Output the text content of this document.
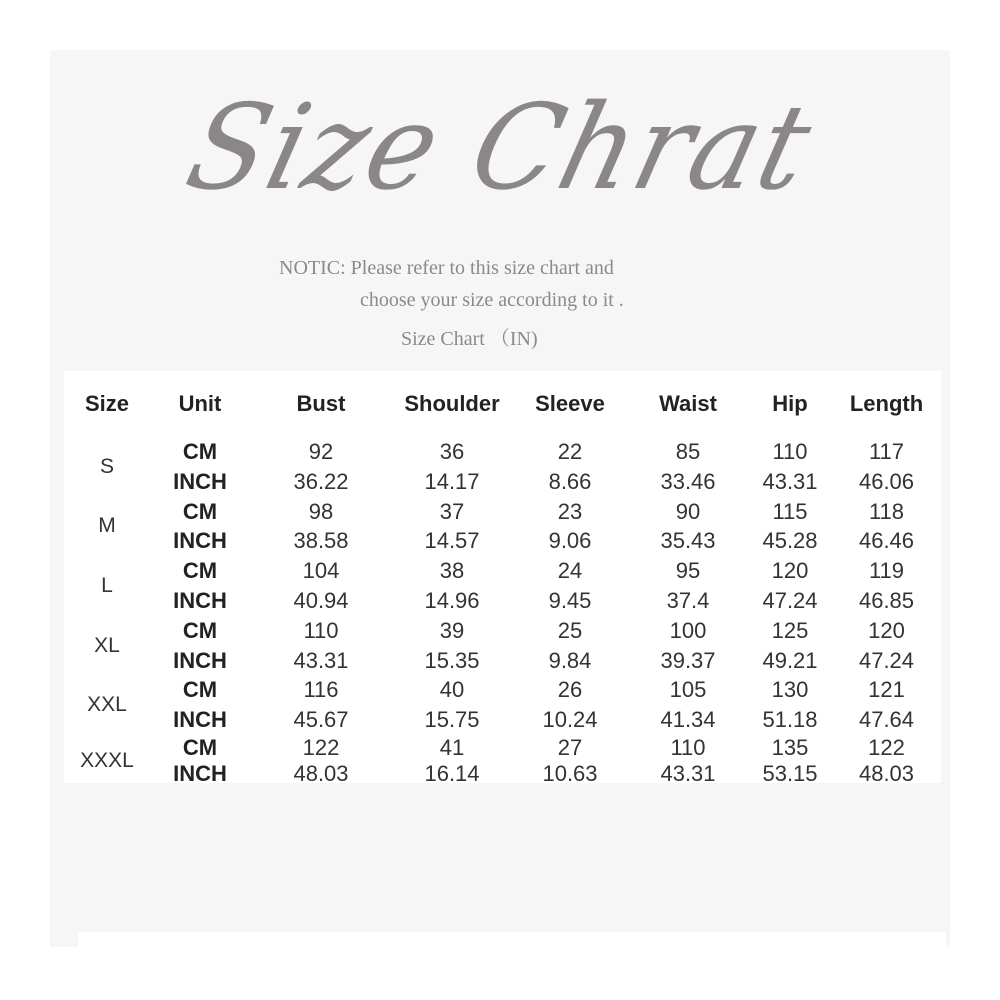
Size Chrat
NOTIC: Please refer to this size chart and
choose your size according to it .
Size Chart （IN)
Size	Unit	Bust	Shoulder	Sleeve	Waist	Hip	Length
S	CM	92	36	22	85	110	117
	INCH	36.22	14.17	8.66	33.46	43.31	46.06
M	CM	98	37	23	90	115	118
	INCH	38.58	14.57	9.06	35.43	45.28	46.46
L	CM	104	38	24	95	120	119
	INCH	40.94	14.96	9.45	37.4	47.24	46.85
XL	CM	110	39	25	100	125	120
	INCH	43.31	15.35	9.84	39.37	49.21	47.24
XXL	CM	116	40	26	105	130	121
	INCH	45.67	15.75	10.24	41.34	51.18	47.64
XXXL	CM	122	41	27	110	135	122
	INCH	48.03	16.14	10.63	43.31	53.15	48.03
